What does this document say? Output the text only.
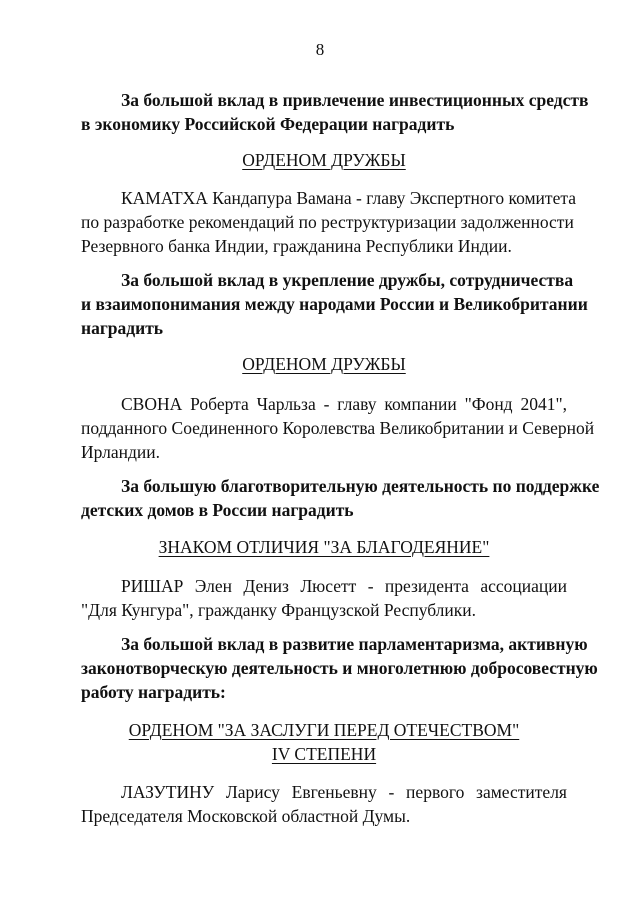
8
За большой вклад в привлечение инвестиционных средств
в экономику Российской Федерации наградить
ОРДЕНОМ ДРУЖБЫ
КАМАТХА Кандапура Вамана - главу Экспертного комитета
по разработке рекомендаций по реструктуризации задолженности
Резервного банка Индии, гражданина Республики Индии.
За большой вклад в укрепление дружбы, сотрудничества
и взаимопонимания между народами России и Великобритании
наградить
ОРДЕНОМ ДРУЖБЫ
СВОНА Роберта Чарльза - главу компании "Фонд 2041",
подданного Соединенного Королевства Великобритании и Северной
Ирландии.
За большую благотворительную деятельность по поддержке
детских домов в России наградить
ЗНАКОМ ОТЛИЧИЯ "ЗА БЛАГОДЕЯНИЕ"
РИШАР Элен Дениз Люсетт - президента ассоциации
"Для Кунгура", гражданку Французской Республики.
За большой вклад в развитие парламентаризма, активную
законотворческую деятельность и многолетнюю добросовестную
работу наградить:
ОРДЕНОМ "ЗА ЗАСЛУГИ ПЕРЕД ОТЕЧЕСТВОМ"
IV СТЕПЕНИ
ЛАЗУТИНУ Ларису Евгеньевну - первого заместителя
Председателя Московской областной Думы.
